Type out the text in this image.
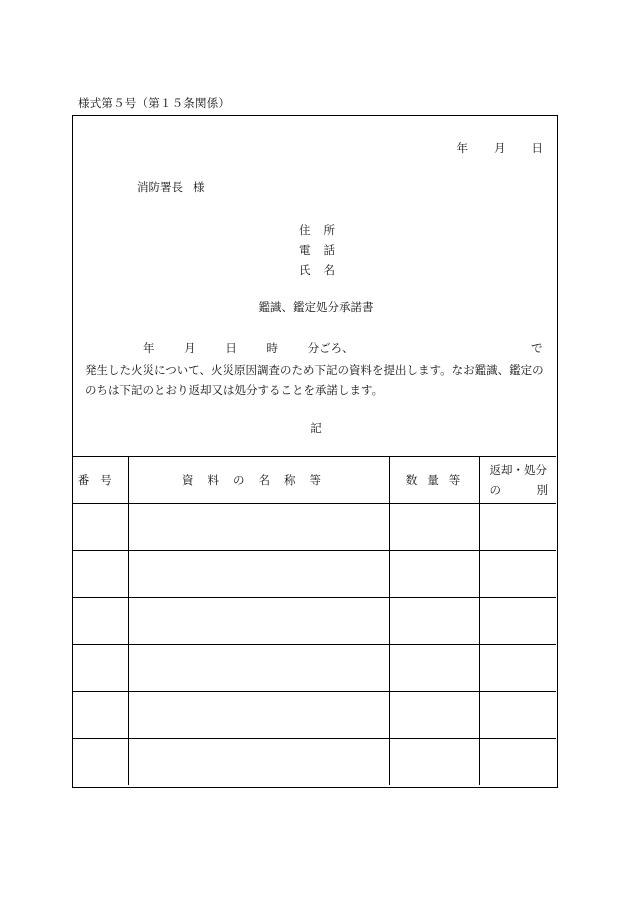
様式第５号（第１５条関係）
年 月 日
消防署長 様
住 所
電 話
氏 名
鑑識、鑑定処分承諾書
年	月	日	時	分ごろ、	で
発生した火災について、火災原因調査のため下記の資料を提出します。なお鑑識、鑑定ののちは下記のとおり返却又は処分することを承諾します。
記
番号	資料の名称等	数量等	返却・処分
の 別
